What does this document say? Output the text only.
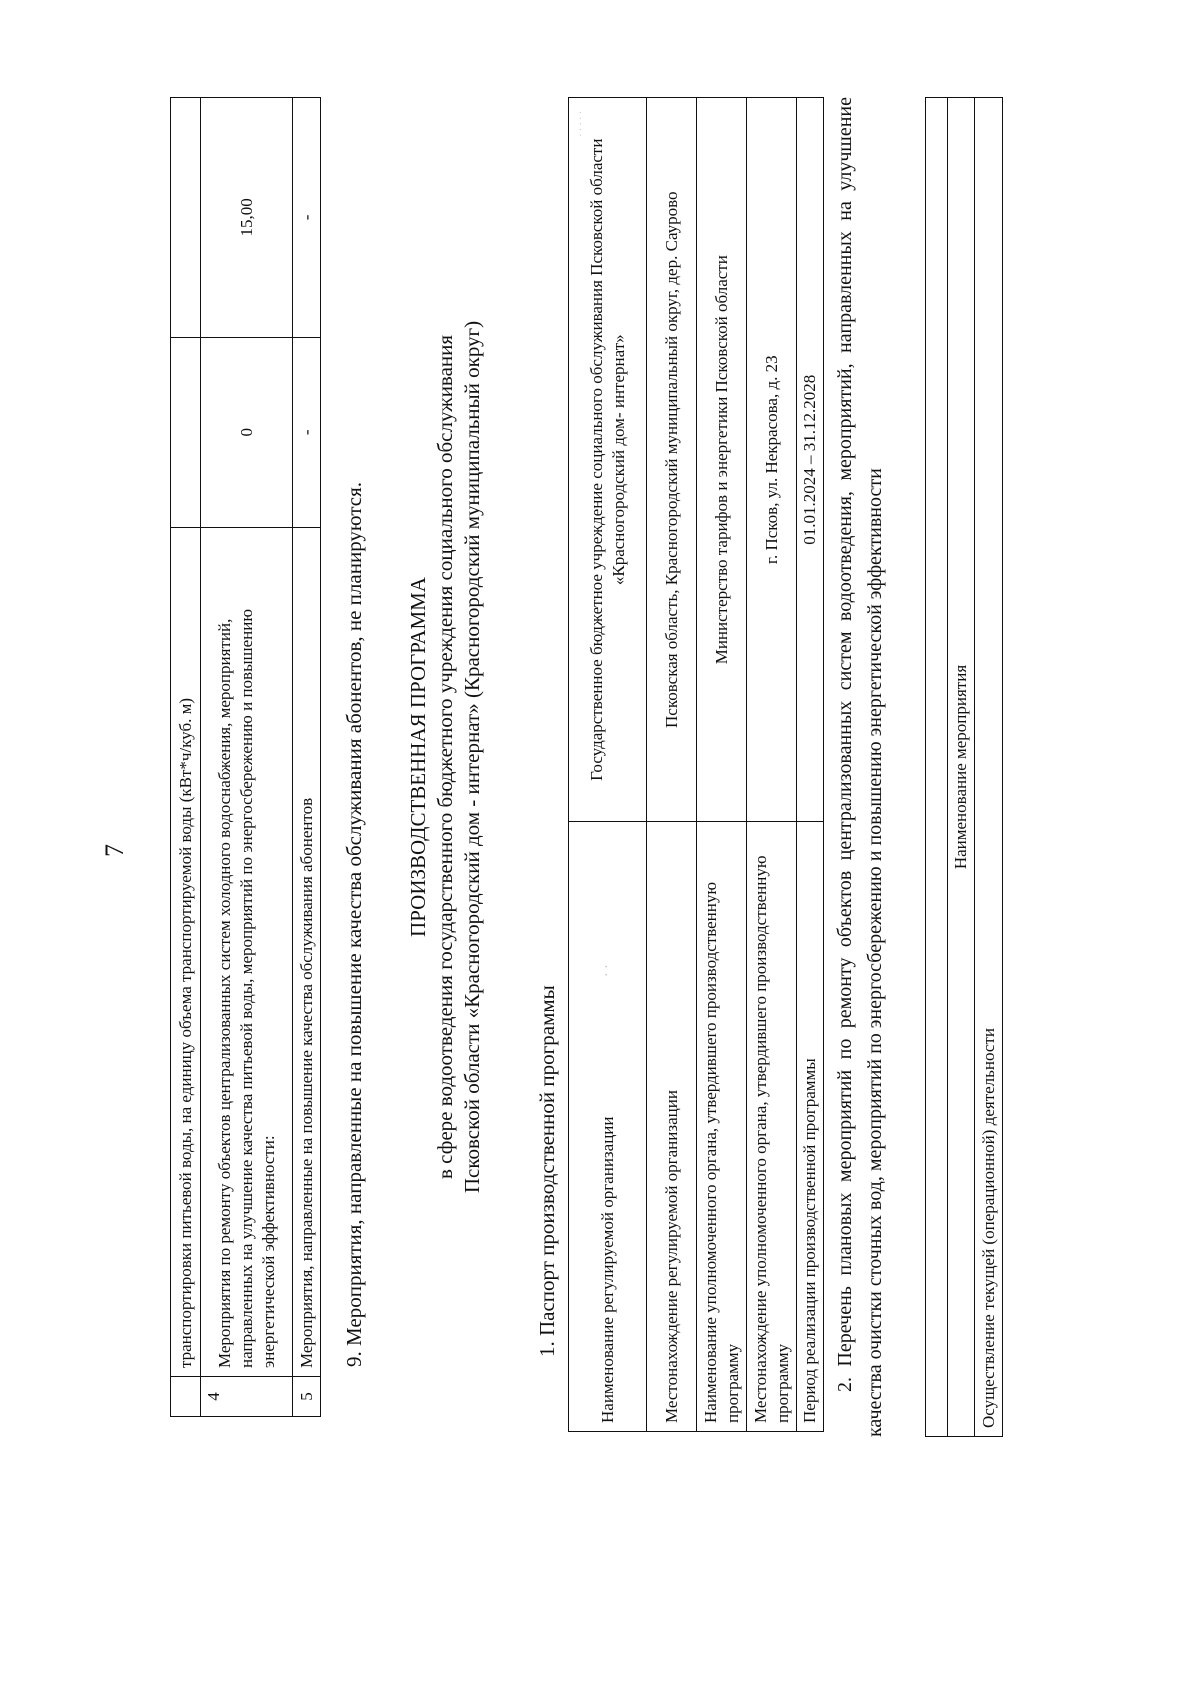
7
		транспортировки питьевой воды, на единицу объема транспортируемой воды (кВт*ч/куб. м)		
4	Мероприятия по ремонту объектов централизованных систем холодного водоснабжения, мероприятий, направленных на улучшение качества питьевой воды, мероприятий по энергосбережению и повышению энергетической эффективности:	0	15,00
5	Мероприятия, направленные на повышение качества обслуживания абонентов	-	-
9. Мероприятия, направленные на повышение качества обслуживания абонентов, не планируются. ПРОИЗВОДСТВЕННАЯ ПРОГРАММА в сфере водоотведения государственного бюджетного учреждения социального обслуживания Псковской области «Красногородский дом - интернат» (Красногородский муниципальный округ) 1. Паспорт производственной программы Наименование регулируемой организации	Государственное бюджетное учреждение социального обслуживания Псковской области «Красногородский дом- интернат»
Местонахождение регулируемой организации	Псковская область, Красногородский муниципальный округ, дер. Саурово
Наименование уполномоченного органа, утвердившего производственную программу	Министерство тарифов и энергетики Псковской области
Местонахождение уполномоченного органа, утвердившего производственную программу	г. Псков, ул. Некрасова, д. 23
Период реализации производственной программы	01.01.2024 – 31.12.2028
· ·
·····	2. Перечень плановых мероприятий по ремонту объектов централизованных систем водоотведения, мероприятий, направленных на улучшение качества очистки сточных вод, мероприятий по энергосбережению и повышению энергетической эффективности	Наименование мероприятия
Осуществление текущей (операционной) деятельности
